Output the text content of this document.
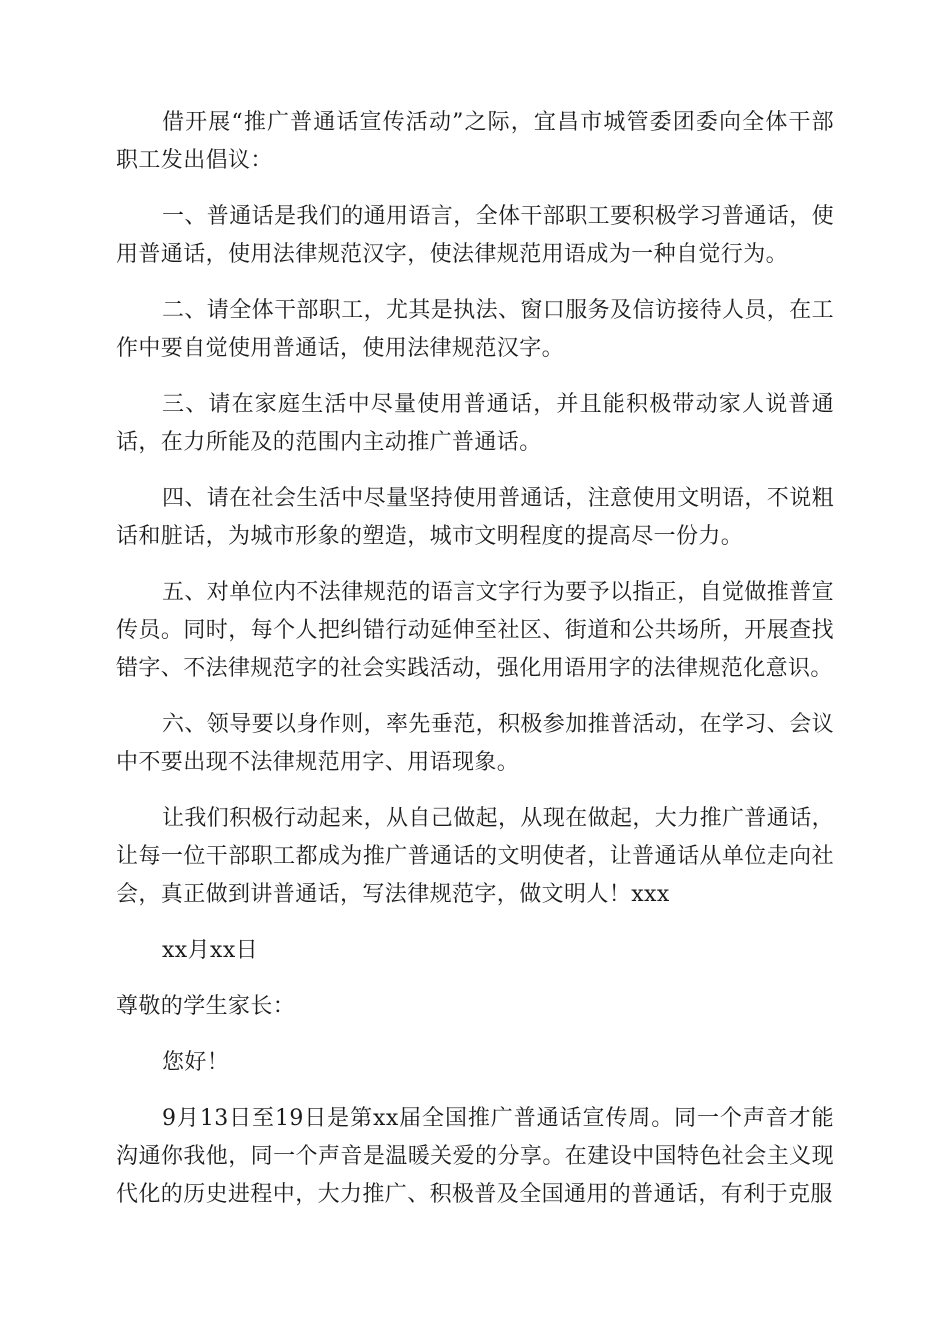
借开展“推广普通话宣传活动”之际，宜昌市城管委团委向全体干部职工发出倡议：

一、普通话是我们的通用语言，全体干部职工要积极学习普通话，使用普通话，使用法律规范汉字，使法律规范用语成为一种自觉行为。

二、请全体干部职工，尤其是执法、窗口服务及信访接待人员，在工作中要自觉使用普通话，使用法律规范汉字。

三、请在家庭生活中尽量使用普通话，并且能积极带动家人说普通话，在力所能及的范围内主动推广普通话。

四、请在社会生活中尽量坚持使用普通话，注意使用文明语，不说粗话和脏话，为城市形象的塑造，城市文明程度的提高尽一份力。

五、对单位内不法律规范的语言文字行为要予以指正，自觉做推普宣传员。同时，每个人把纠错行动延伸至社区、街道和公共场所，开展查找错字、不法律规范字的社会实践活动，强化用语用字的法律规范化意识。

六、领导要以身作则，率先垂范，积极参加推普活动，在学习、会议中不要出现不法律规范用字、用语现象。

让我们积极行动起来，从自己做起，从现在做起，大力推广普通话，让每一位干部职工都成为推广普通话的文明使者，让普通话从单位走向社会，真正做到讲普通话，写法律规范字，做文明人！xxx

xx月xx日

尊敬的学生家长：

您好！

9月13日至19日是第xx届全国推广普通话宣传周。同一个声音才能沟通你我他，同一个声音是温暖关爱的分享。在建设中国特色社会主义现代化的历史进程中，大力推广、积极普及全国通用的普通话，有利于克服
